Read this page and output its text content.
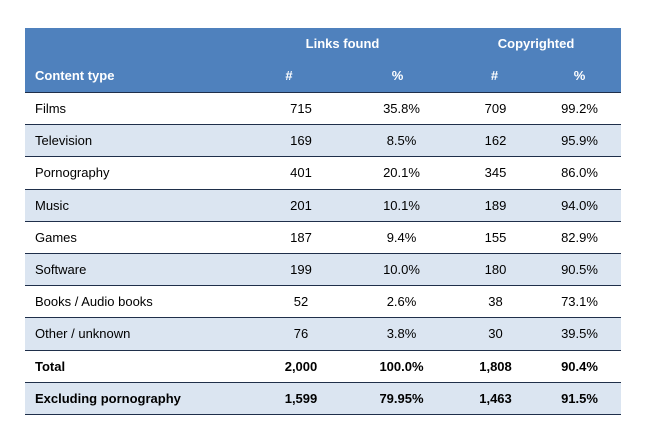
	Links found		Copyrighted	
Content type	#	%	#	%
Films	715	35.8%	709	99.2%
Television	169	8.5%	162	95.9%
Pornography	401	20.1%	345	86.0%
Music	201	10.1%	189	94.0%
Games	187	9.4%	155	82.9%
Software	199	10.0%	180	90.5%
Books / Audio books	52	2.6%	38	73.1%
Other / unknown	76	3.8%	30	39.5%
Total	2,000	100.0%	1,808	90.4%
Excluding pornography	1,599	79.95%	1,463	91.5%
